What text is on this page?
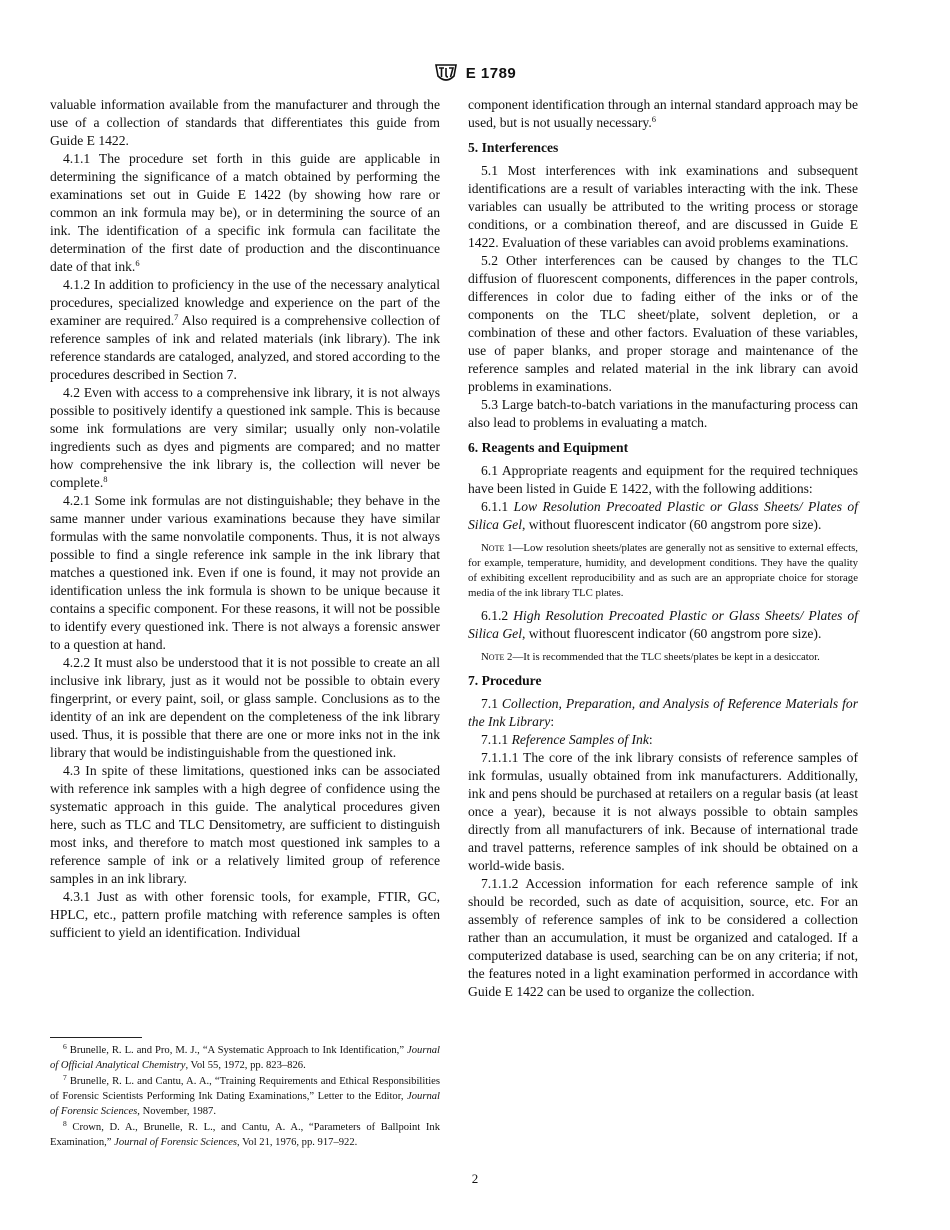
E 1789

valuable information available from the manufacturer and through the use of a collection of standards that differentiates this guide from Guide E 1422.

4.1.1 The procedure set forth in this guide are applicable in determining the significance of a match obtained by performing the examinations set out in Guide E 1422 (by showing how rare or common an ink formula may be), or in determining the source of an ink. The identification of a specific ink formula can facilitate the determination of the first date of production and the discontinuance date of that ink.$^6$

4.1.2 In addition to proficiency in the use of the necessary analytical procedures, specialized knowledge and experience on the part of the examiner are required.$^7$ Also required is a comprehensive collection of reference samples of ink and related materials (ink library). The ink reference standards are cataloged, analyzed, and stored according to the procedures described in Section 7.

4.2 Even with access to a comprehensive ink library, it is not always possible to positively identify a questioned ink sample. This is because some ink formulations are very similar; usually only non-volatile ingredients such as dyes and pigments are compared; and no matter how comprehensive the ink library is, the collection will never be complete.$^8$

4.2.1 Some ink formulas are not distinguishable; they behave in the same manner under various examinations because they have similar formulas with the same nonvolatile components. Thus, it is not always possible to find a single reference ink sample in the ink library that matches a questioned ink. Even if one is found, it may not provide an identification unless the ink formula is shown to be unique because it contains a specific component. For these reasons, it will not be possible to identify every questioned ink. There is not always a forensic answer to a question at hand.

4.2.2 It must also be understood that it is not possible to create an all inclusive ink library, just as it would not be possible to obtain every fingerprint, or every paint, soil, or glass sample. Conclusions as to the identity of an ink are dependent on the completeness of the ink library used. Thus, it is possible that there are one or more inks not in the ink library that would be indistinguishable from the questioned ink.

4.3 In spite of these limitations, questioned inks can be associated with reference ink samples with a high degree of confidence using the systematic approach in this guide. The analytical procedures given here, such as TLC and TLC Densitometry, are sufficient to distinguish most inks, and therefore to match most questioned ink samples to a reference sample of ink or a relatively limited group of reference samples in an ink library.

4.3.1 Just as with other forensic tools, for example, FTIR, GC, HPLC, etc., pattern profile matching with reference samples is often sufficient to yield an identification. Individual

$^6$ Brunelle, R. L. and Pro, M. J., “A Systematic Approach to Ink Identification,” Journal of Official Analytical Chemistry, Vol 55, 1972, pp. 823–826.

$^7$ Brunelle, R. L. and Cantu, A. A., “Training Requirements and Ethical Responsibilities of Forensic Scientists Performing Ink Dating Examinations,” Letter to the Editor, Journal of Forensic Sciences, November, 1987.

$^8$ Crown, D. A., Brunelle, R. L., and Cantu, A. A., “Parameters of Ballpoint Ink Examination,” Journal of Forensic Sciences, Vol 21, 1976, pp. 917–922.

component identification through an internal standard approach may be used, but is not usually necessary.$^6$

5. Interferences

5.1 Most interferences with ink examinations and subsequent identifications are a result of variables interacting with the ink. These variables can usually be attributed to the writing process or storage conditions, or a combination thereof, and are discussed in Guide E 1422. Evaluation of these variables can avoid problems examinations.

5.2 Other interferences can be caused by changes to the TLC diffusion of fluorescent components, differences in the paper controls, differences in color due to fading either of the inks or of the components on the TLC sheet/plate, solvent depletion, or a combination of these and other factors. Evaluation of these variables, use of paper blanks, and proper storage and maintenance of the reference samples and related material in the ink library can avoid problems in examinations.

5.3 Large batch-to-batch variations in the manufacturing process can also lead to problems in evaluating a match.

6. Reagents and Equipment

6.1 Appropriate reagents and equipment for the required techniques have been listed in Guide E 1422, with the following additions:

6.1.1 Low Resolution Precoated Plastic or Glass Sheets/ Plates of Silica Gel, without fluorescent indicator (60 angstrom pore size).

Note 1—Low resolution sheets/plates are generally not as sensitive to external effects, for example, temperature, humidity, and development conditions. They have the quality of exhibiting excellent reproducibility and as such are an appropriate choice for storage media of the ink library TLC plates.

6.1.2 High Resolution Precoated Plastic or Glass Sheets/ Plates of Silica Gel, without fluorescent indicator (60 angstrom pore size).

Note 2—It is recommended that the TLC sheets/plates be kept in a desiccator.

7. Procedure

7.1 Collection, Preparation, and Analysis of Reference Materials for the Ink Library:

7.1.1 Reference Samples of Ink:

7.1.1.1 The core of the ink library consists of reference samples of ink formulas, usually obtained from ink manufacturers. Additionally, ink and pens should be purchased at retailers on a regular basis (at least once a year), because it is not always possible to obtain samples directly from all manufacturers of ink. Because of international trade and travel patterns, reference samples of ink should be obtained on a world-wide basis.

7.1.1.2 Accession information for each reference sample of ink should be recorded, such as date of acquisition, source, etc. For an assembly of reference samples of ink to be considered a collection rather than an accumulation, it must be organized and cataloged. If a computerized database is used, searching can be on any criteria; if not, the features noted in a light examination performed in accordance with Guide E 1422 can be used to organize the collection.

2
